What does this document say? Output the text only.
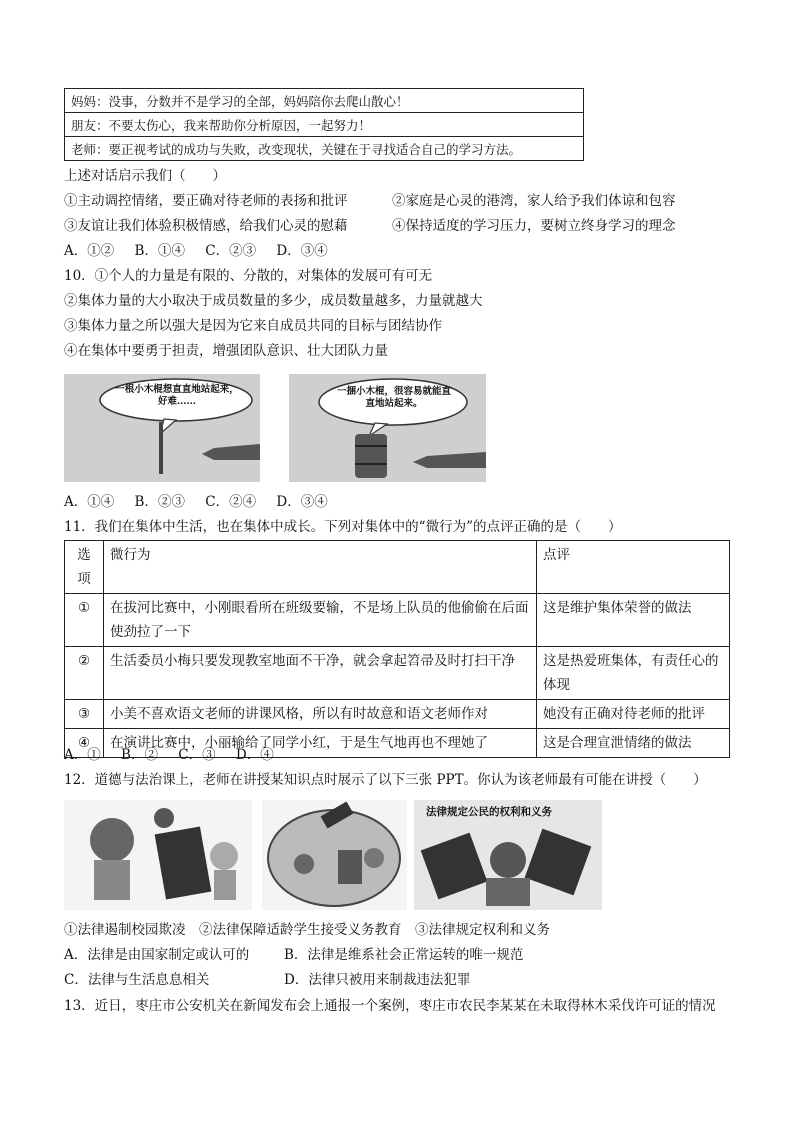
妈妈：没事，分数并不是学习的全部，妈妈陪你去爬山散心！
朋友：不要太伤心，我来帮助你分析原因，一起努力！
老师：要正视考试的成功与失败，改变现状，关键在于寻找适合自己的学习方法。
上述对话启示我们（　　）
①主动调控情绪，要正确对待老师的表扬和批评	②家庭是心灵的港湾，家人给予我们体谅和包容
③友谊让我们体验积极情感，给我们心灵的慰藉	④保持适度的学习压力，要树立终身学习的理念
A．①② B．①④ C．②③ D．③④
10．①个人的力量是有限的、分散的，对集体的发展可有可无
②集体力量的大小取决于成员数量的多少，成员数量越多，力量就越大
③集体力量之所以强大是因为它来自成员共同的目标与团结协作
④在集体中要勇于担责，增强团队意识、壮大团队力量
一根小木棍想直直地站起来，好难……
一捆小木棍，很容易就能直直地站起来。
A．①④ B．②③ C．②④ D．③④
11．我们在集体中生活，也在集体中成长。下列对集体中的“微行为”的点评正确的是（　　）
选项	微行为	点评
①	在拔河比赛中，小刚眼看所在班级要输，不是场上队员的他偷偷在后面使劲拉了一下	这是维护集体荣誉的做法
②	生活委员小梅只要发现教室地面不干净，就会拿起笤帚及时打扫干净	这是热爱班集体，有责任心的体现
③	小美不喜欢语文老师的讲课风格，所以有时故意和语文老师作对	她没有正确对待老师的批评
④	在演讲比赛中，小丽输给了同学小红，于是生气地再也不理她了	这是合理宣泄情绪的做法
A．① B．② C．③ D．④
12．道德与法治课上，老师在讲授某知识点时展示了以下三张 PPT。你认为该老师最有可能在讲授（　　）
法律规定公民的权利和义务
①法律遏制校园欺凌　②法律保障适龄学生接受义务教育　③法律规定权利和义务
A．法律是由国家制定或认可的	B．法律是维系社会正常运转的唯一规范
C．法律与生活息息相关	D．法律只被用来制裁违法犯罪
13．近日，枣庄市公安机关在新闻发布会上通报一个案例，枣庄市农民李某某在未取得林木采伐许可证的情况
